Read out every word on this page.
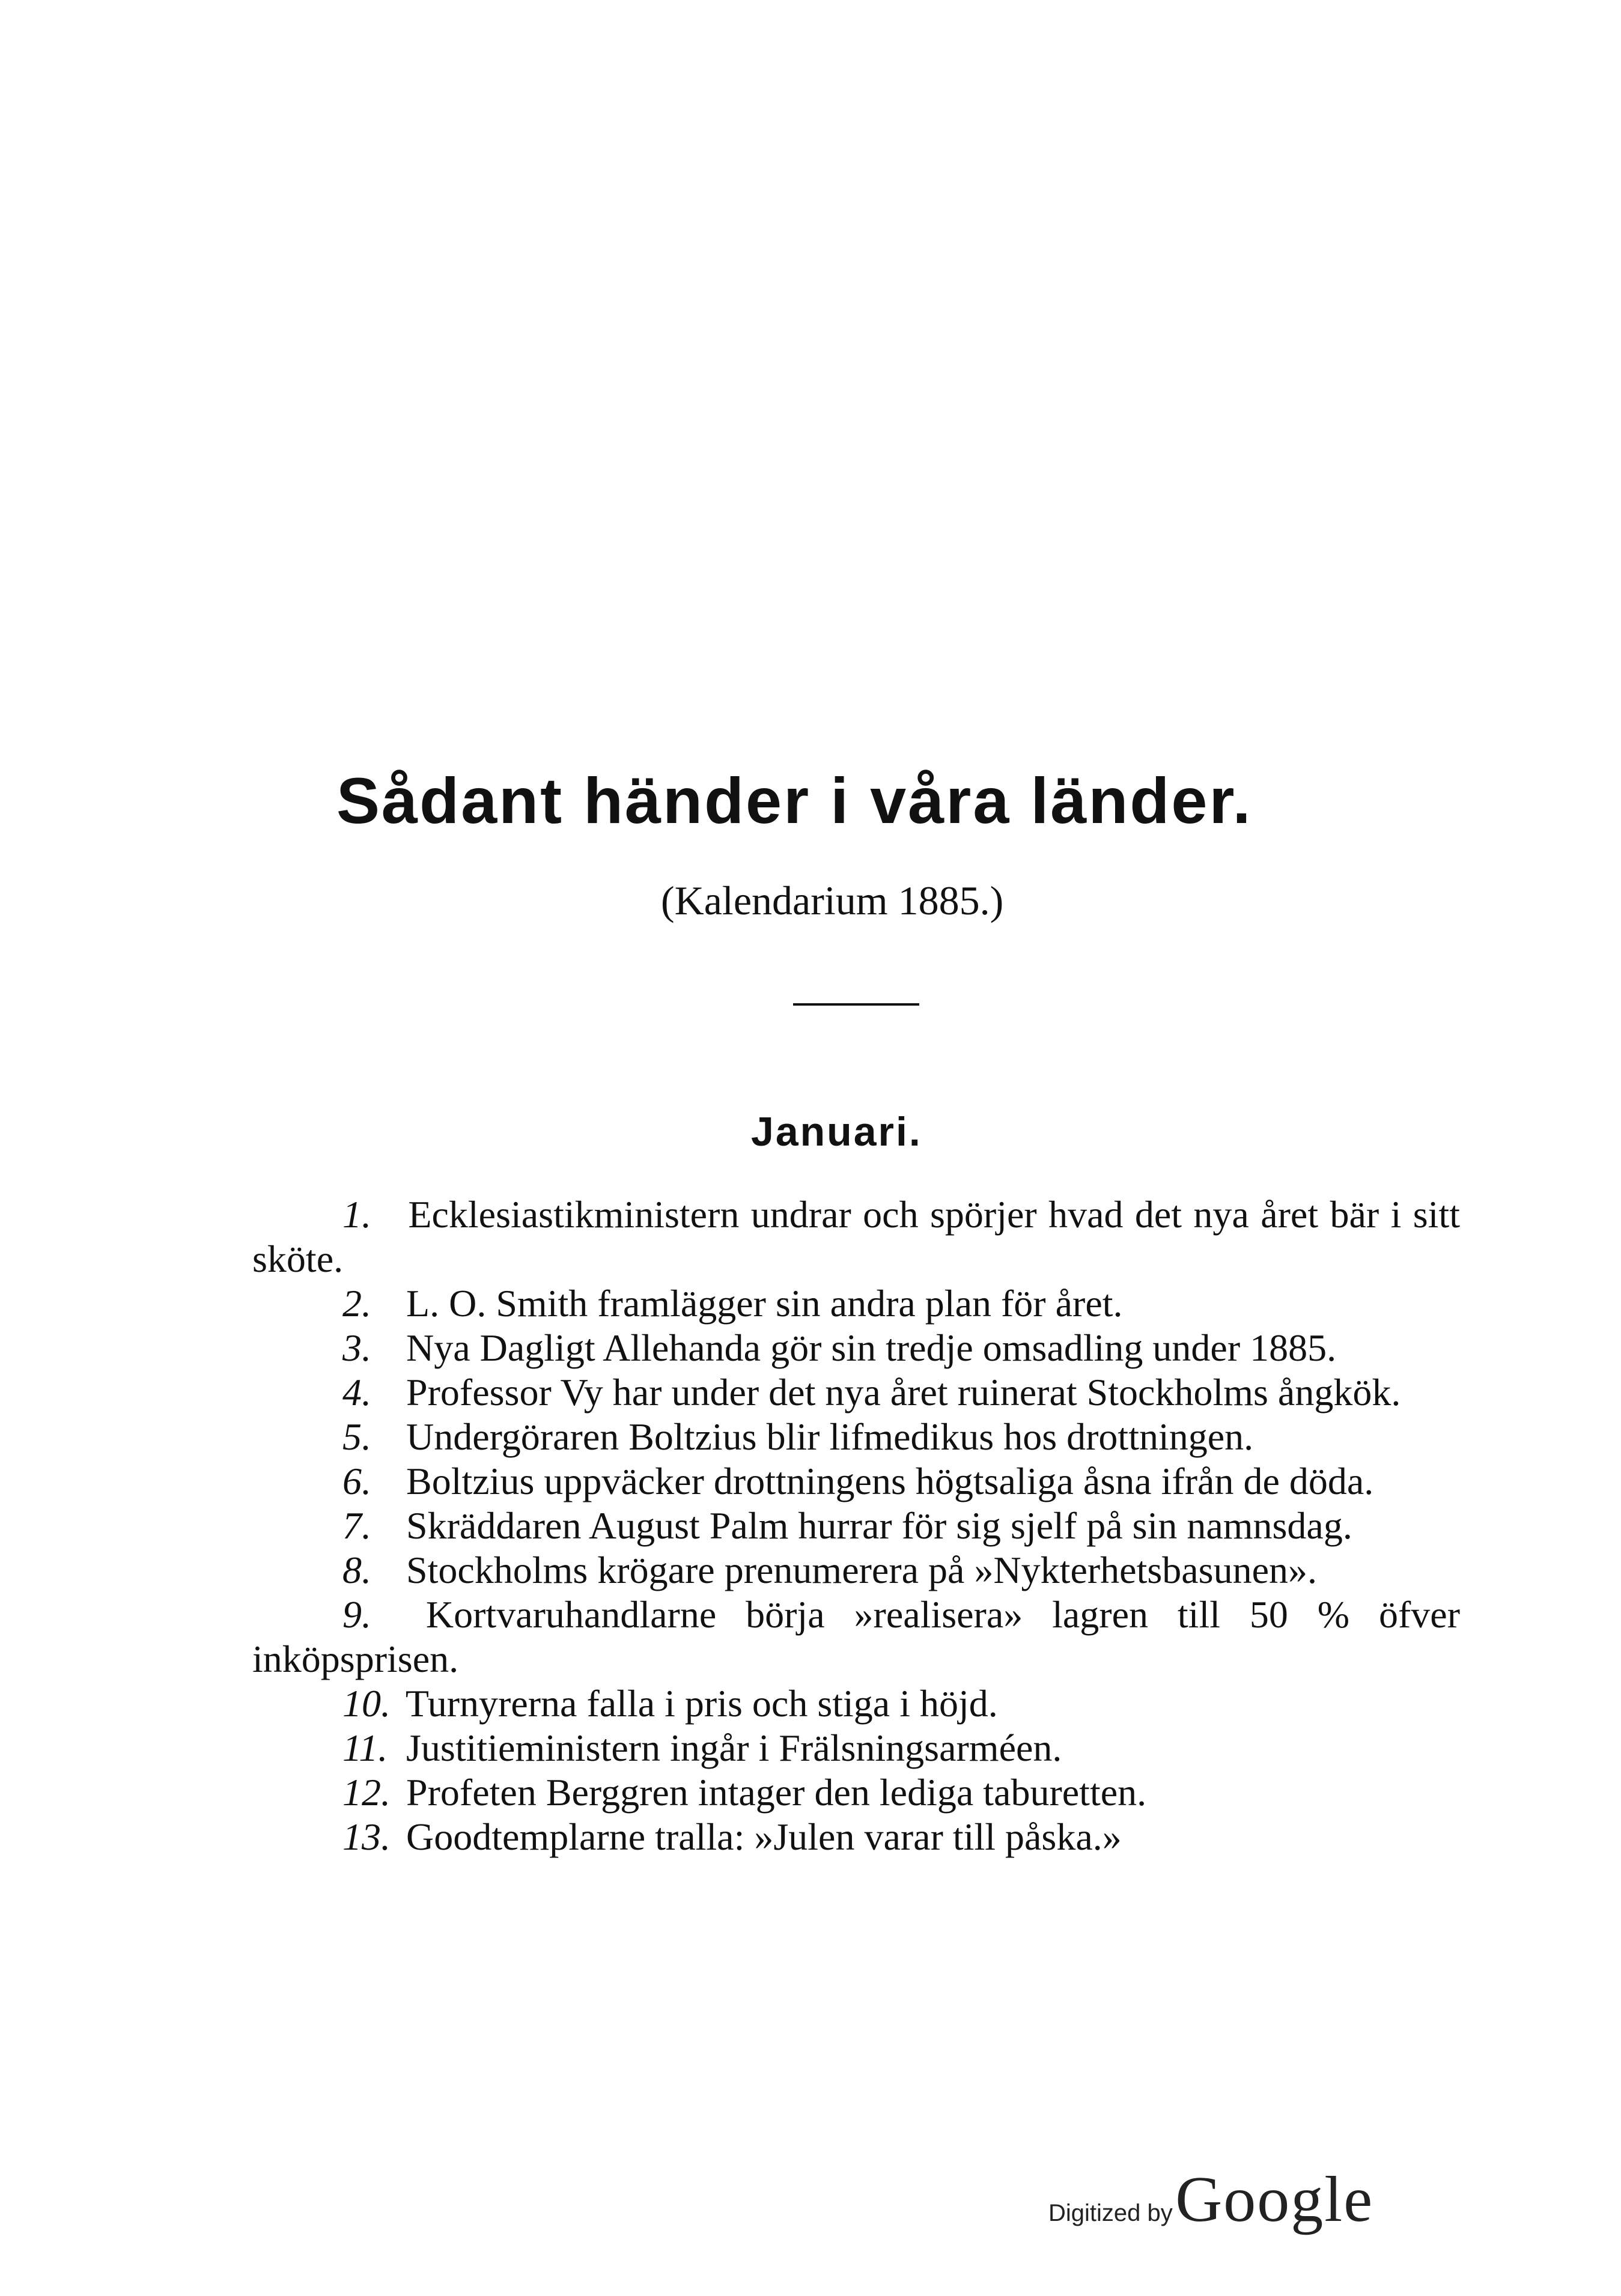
Sådant händer i våra länder.

(Kalendarium 1885.)

Januari.
1. Ecklesiastikministern undrar och spörjer hvad det nya året bär i sitt sköte.
2. L. O. Smith framlägger sin andra plan för året.
3. Nya Dagligt Allehanda gör sin tredje omsadling under 1885.
4. Professor Vy har under det nya året ruinerat Stockholms ångkök.
5. Undergöraren Boltzius blir lifmedikus hos drottningen.
6. Boltzius uppväcker drottningens högtsaliga åsna ifrån de döda.
7. Skräddaren August Palm hurrar för sig sjelf på sin namnsdag.
8. Stockholms krögare prenumerera på »Nykterhetsbasunen».
9. Kortvaruhandlarne börja »realisera» lagren till 50 % öfver inköpsprisen.
10. Turnyrerna falla i pris och stiga i höjd.
11. Justitieministern ingår i Frälsningsarméen.
12. Profeten Berggren intager den lediga taburetten.
13. Goodtemplarne tralla: »Julen varar till påska.»
Digitized by Google
